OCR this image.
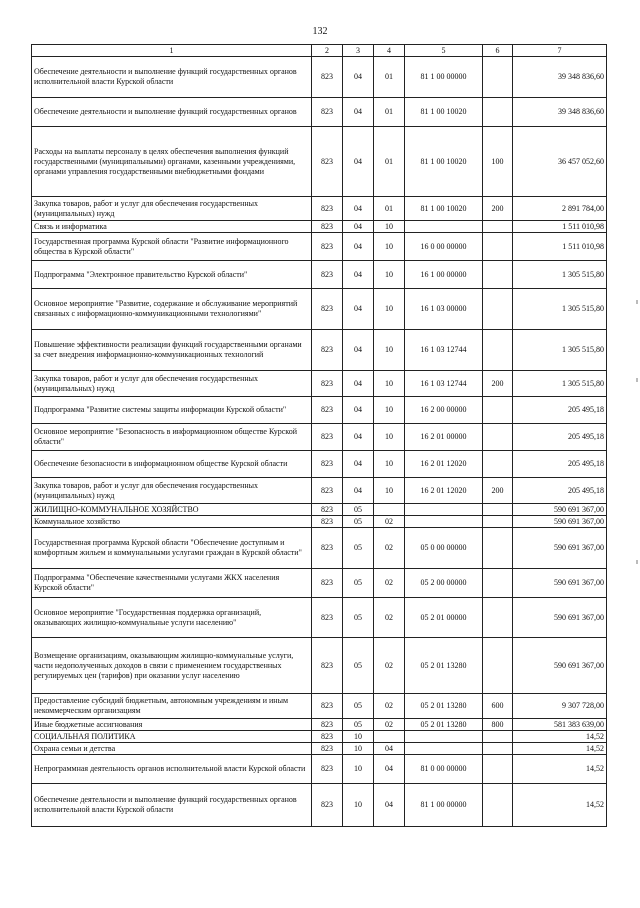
132
1	2	3	4	5	6	7
Обеспечение деятельности и выполнение функций государственных органов исполнительной власти Курской области	823	04	01	81 1 00 00000		39 348 836,60
Обеспечение деятельности и выполнение функций государственных органов	823	04	01	81 1 00 10020		39 348 836,60
Расходы на выплаты персоналу в целях обеспечения выполнения функций государственными (муниципальными) органами, казенными учреждениями, органами управления государственными внебюджетными фондами	823	04	01	81 1 00 10020	100	36 457 052,60
Закупка товаров, работ и услуг для обеспечения государственных (муниципальных) нужд	823	04	01	81 1 00 10020	200	2 891 784,00
Связь и информатика	823	04	10			1 511 010,98
Государственная программа Курской области "Развитие информационного общества в Курской области"	823	04	10	16 0 00 00000		1 511 010,98
Подпрограмма "Электронное правительство Курской области"	823	04	10	16 1 00 00000		1 305 515,80
Основное мероприятие "Развитие, содержание и обслуживание мероприятий связанных с информационно-коммуникационными технологиями"	823	04	10	16 1 03 00000		1 305 515,80
Повышение эффективности реализации функций государственными органами за счет внедрения информационно-коммуникационных технологий	823	04	10	16 1 03 12744		1 305 515,80
Закупка товаров, работ и услуг для обеспечения государственных (муниципальных) нужд	823	04	10	16 1 03 12744	200	1 305 515,80
Подпрограмма "Развитие системы защиты информации Курской области"	823	04	10	16 2 00 00000		205 495,18
Основное мероприятие "Безопасность в информационном обществе Курской области"	823	04	10	16 2 01 00000		205 495,18
Обеспечение безопасности в информационном обществе Курской области	823	04	10	16 2 01 12020		205 495,18
Закупка товаров, работ и услуг для обеспечения государственных (муниципальных) нужд	823	04	10	16 2 01 12020	200	205 495,18
ЖИЛИЩНО-КОММУНАЛЬНОЕ ХОЗЯЙСТВО	823	05				590 691 367,00
Коммунальное хозяйство	823	05	02			590 691 367,00
Государственная программа Курской области "Обеспечение доступным и комфортным жильем и коммунальными услугами граждан в Курской области"	823	05	02	05 0 00 00000		590 691 367,00
Подпрограмма "Обеспечение качественными услугами ЖКХ населения Курской области"	823	05	02	05 2 00 00000		590 691 367,00
Основное мероприятие "Государственная поддержка организаций, оказывающих жилищно-коммунальные услуги населению"	823	05	02	05 2 01 00000		590 691 367,00
Возмещение организациям, оказывающим жилищно-коммунальные услуги, части недополученных доходов в связи с применением государственных регулируемых цен (тарифов) при оказании услуг населению	823	05	02	05 2 01 13280		590 691 367,00
Предоставление субсидий бюджетным, автономным учреждениям и иным некоммерческим организациям	823	05	02	05 2 01 13280	600	9 307 728,00
Иные бюджетные ассигнования	823	05	02	05 2 01 13280	800	581 383 639,00
СОЦИАЛЬНАЯ ПОЛИТИКА	823	10				14,52
Охрана семьи и детства	823	10	04			14,52
Непрограммная деятельность органов исполнительной власти Курской области	823	10	04	81 0 00 00000		14,52
Обеспечение деятельности и выполнение функций государственных органов исполнительной власти Курской области	823	10	04	81 1 00 00000		14,52
